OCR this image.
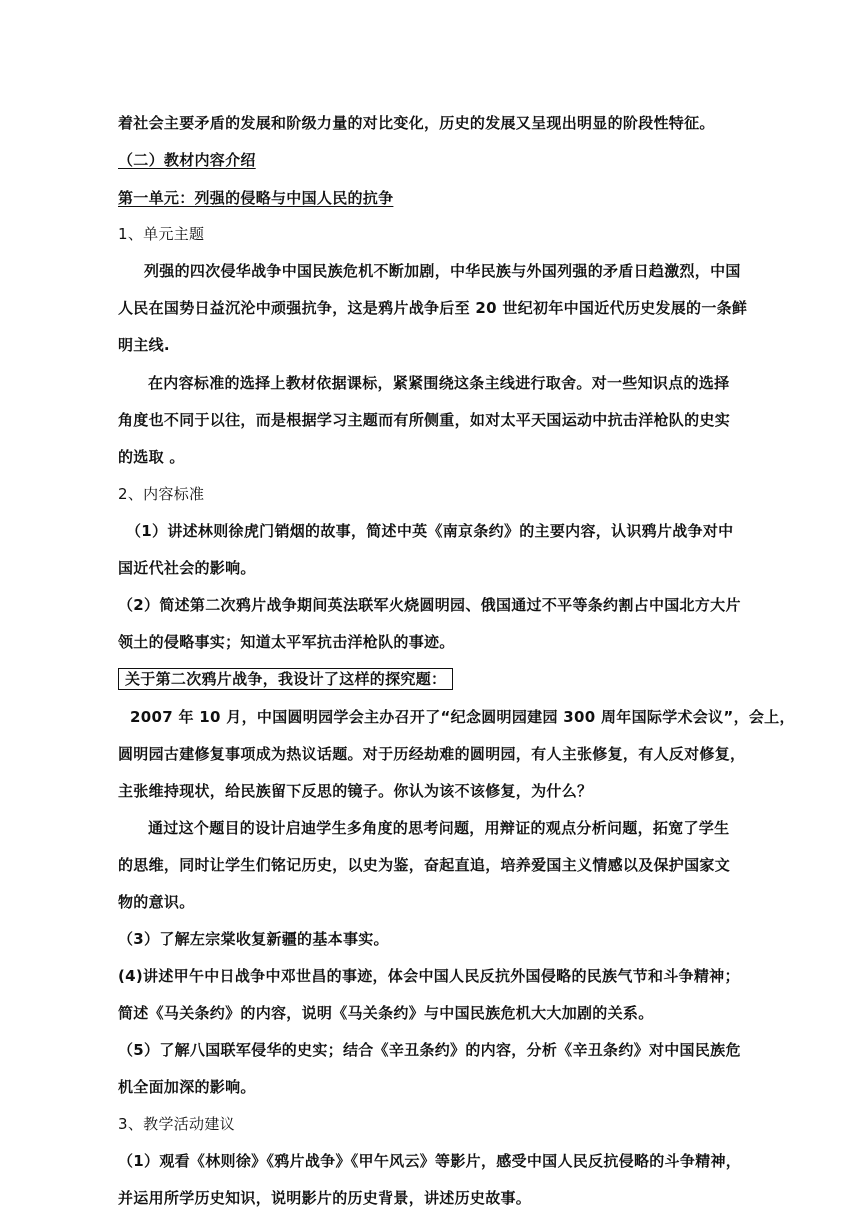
着社会主要矛盾的发展和阶级力量的对比变化，历史的发展又呈现出明显的阶段性特征。
（二）教材内容介绍
第一单元：列强的侵略与中国人民的抗争
1、单元主题
列强的四次侵华战争中国民族危机不断加剧，中华民族与外国列强的矛盾日趋激烈，中国
人民在国势日益沉沦中顽强抗争，这是鸦片战争后至 20 世纪初年中国近代历史发展的一条鲜
明主线.
在内容标准的选择上教材依据课标，紧紧围绕这条主线进行取舍。对一些知识点的选择
角度也不同于以往，而是根据学习主题而有所侧重，如对太平天国运动中抗击洋枪队的史实
的选取 。
2、内容标准
（1）讲述林则徐虎门销烟的故事，简述中英《南京条约》的主要内容，认识鸦片战争对中
国近代社会的影响。
（2）简述第二次鸦片战争期间英法联军火烧圆明园、俄国通过不平等条约割占中国北方大片
领土的侵略事实；知道太平军抗击洋枪队的事迹。
关于第二次鸦片战争，我设计了这样的探究题：
2007 年 10 月，中国圆明园学会主办召开了“纪念圆明园建园 300 周年国际学术会议”，会上，
圆明园古建修复事项成为热议话题。对于历经劫难的圆明园，有人主张修复，有人反对修复，
主张维持现状，给民族留下反思的镜子。你认为该不该修复，为什么？
通过这个题目的设计启迪学生多角度的思考问题，用辩证的观点分析问题，拓宽了学生
的思维，同时让学生们铭记历史，以史为鉴，奋起直追，培养爱国主义情感以及保护国家文
物的意识。
（3）了解左宗棠收复新疆的基本事实。
(4)讲述甲午中日战争中邓世昌的事迹，体会中国人民反抗外国侵略的民族气节和斗争精神；
简述《马关条约》的内容，说明《马关条约》与中国民族危机大大加剧的关系。
（5）了解八国联军侵华的史实；结合《辛丑条约》的内容，分析《辛丑条约》对中国民族危
机全面加深的影响。
3、教学活动建议
（1）观看《林则徐》《鸦片战争》《甲午风云》等影片，感受中国人民反抗侵略的斗争精神，
并运用所学历史知识，说明影片的历史背景，讲述历史故事。
